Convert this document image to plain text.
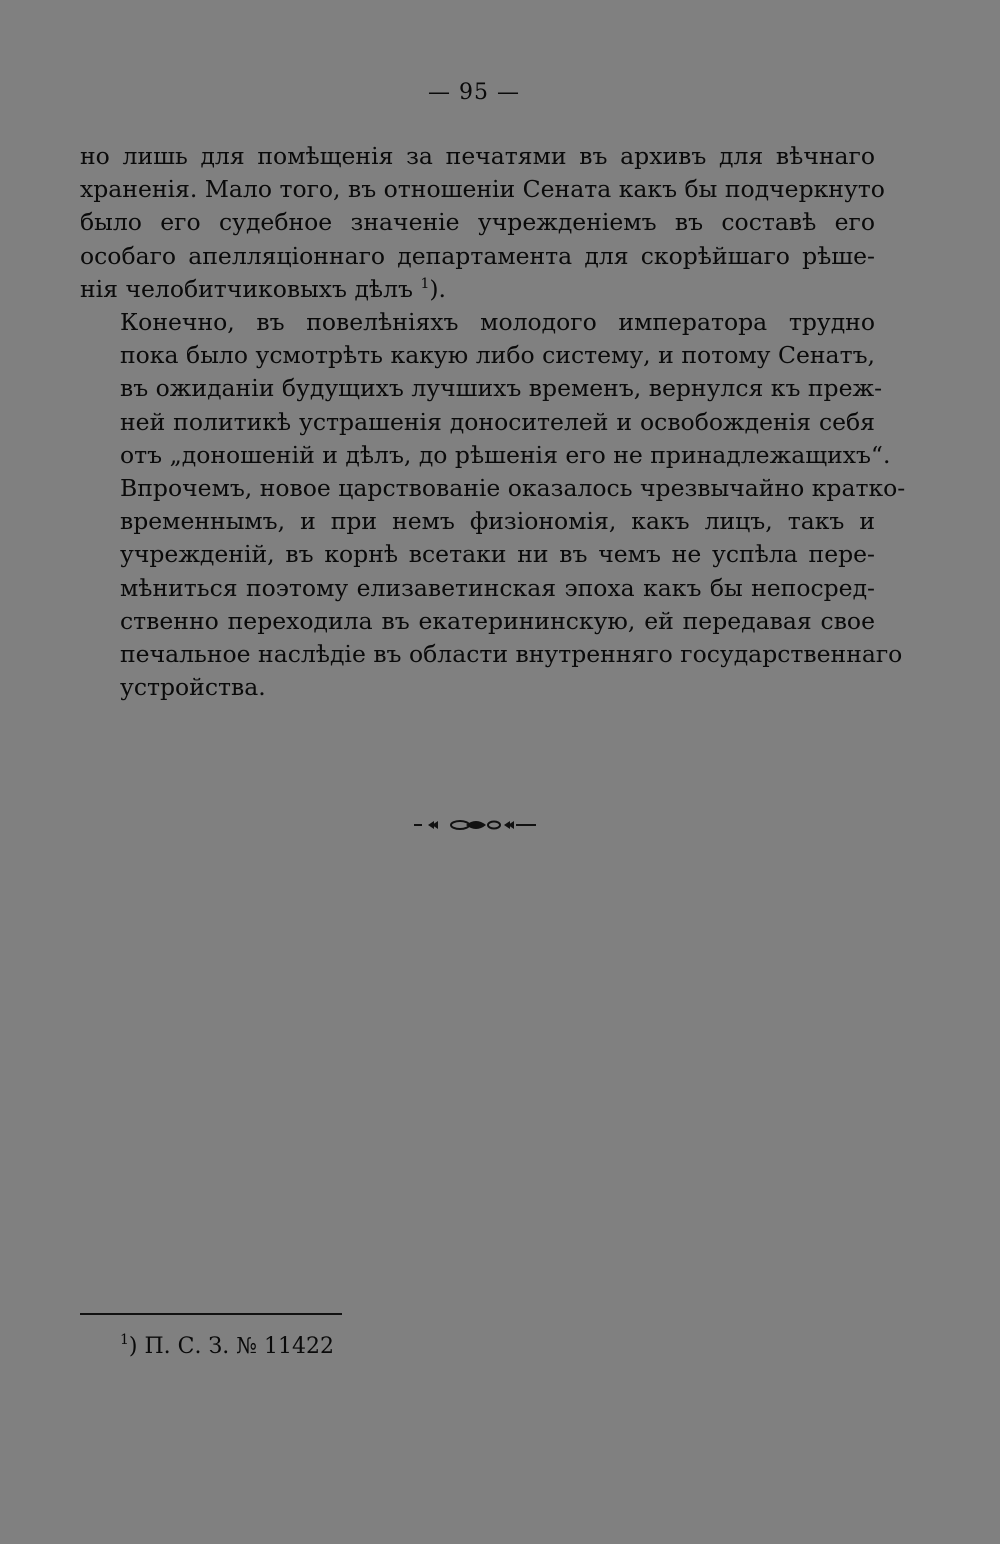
— 95 —

но лишь для помѣщенія за печатями въ архивъ для вѣчнаго
храненія. Мало того, въ отношеніи Сената какъ бы подчеркнуто
было его судебное значеніе учрежденіемъ въ составѣ его
особаго апелляціоннаго департамента для скорѣйшаго рѣше-
нія челобитчиковыхъ дѣлъ $^1$).

Конечно, въ повелѣніяхъ молодого императора трудно
пока было усмотрѣть какую либо систему, и потому Сенатъ,
въ ожиданіи будущихъ лучшихъ временъ, вернулся къ преж-
ней политикѣ устрашенія доносителей и освобожденія себя
отъ „доношеній и дѣлъ, до рѣшенія его не принадлежащихъ“.
Впрочемъ, новое царствованіе оказалось чрезвычайно кратко-
временнымъ, и при немъ физіономія, какъ лицъ, такъ и
учрежденій, въ корнѣ всетаки ни въ чемъ не успѣла пере-
мѣниться поэтому елизаветинская эпоха какъ бы непосред-
ственно переходила въ екатерининскую, ей передавая свое
печальное наслѣдіе въ области внутренняго государственнаго
устройства.

$^1$) П. С. З. № 11422
